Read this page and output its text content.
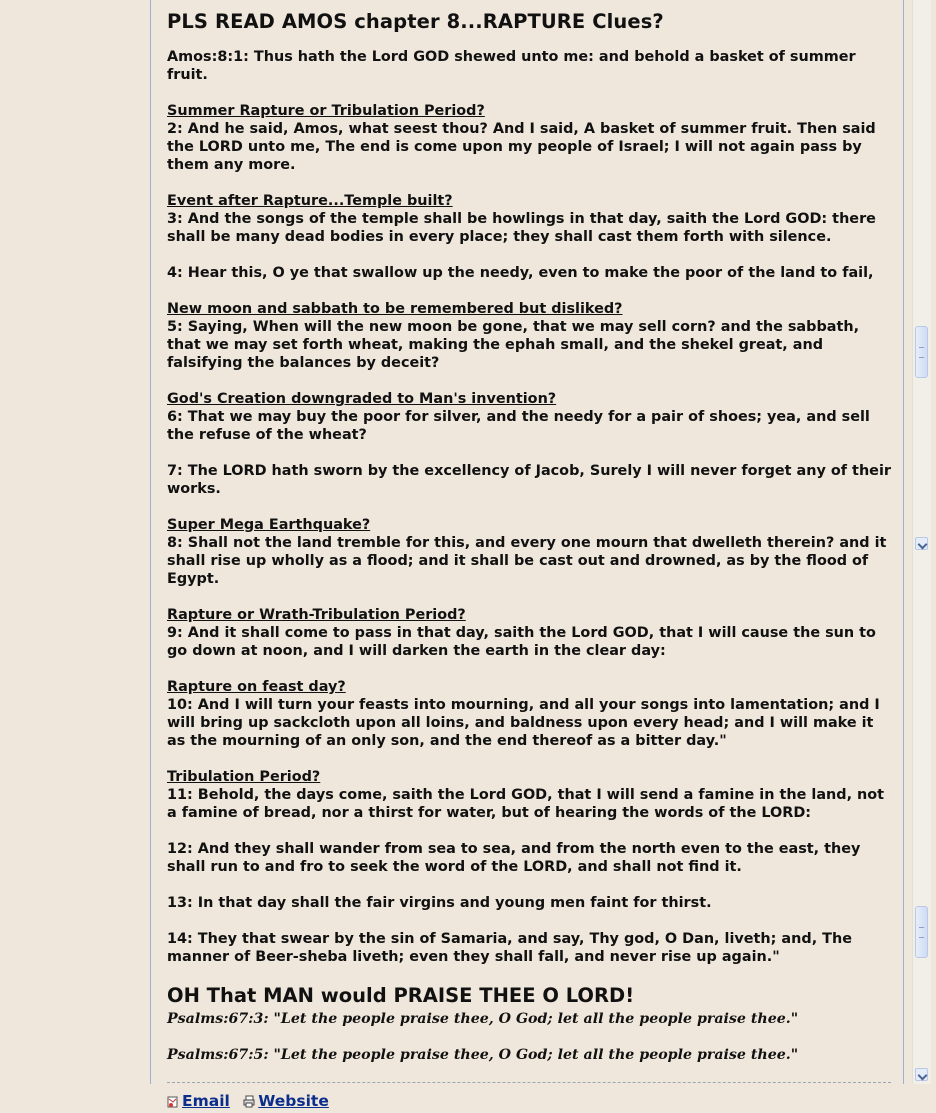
PLS READ AMOS chapter 8...RAPTURE Clues?

Amos:8:1: Thus hath the Lord GOD shewed unto me: and behold a basket of summer fruit.

Summer Rapture or Tribulation Period?
2: And he said, Amos, what seest thou? And I said, A basket of summer fruit. Then said the LORD unto me, The end is come upon my people of Israel; I will not again pass by them any more.

Event after Rapture...Temple built?
3: And the songs of the temple shall be howlings in that day, saith the Lord GOD: there shall be many dead bodies in every place; they shall cast them forth with silence.

4: Hear this, O ye that swallow up the needy, even to make the poor of the land to fail,

New moon and sabbath to be remembered but disliked?
5: Saying, When will the new moon be gone, that we may sell corn? and the sabbath, that we may set forth wheat, making the ephah small, and the shekel great, and falsifying the balances by deceit?

God's Creation downgraded to Man's invention?
6: That we may buy the poor for silver, and the needy for a pair of shoes; yea, and sell the refuse of the wheat?

7: The LORD hath sworn by the excellency of Jacob, Surely I will never forget any of their works.

Super Mega Earthquake?
8: Shall not the land tremble for this, and every one mourn that dwelleth therein? and it shall rise up wholly as a flood; and it shall be cast out and drowned, as by the flood of Egypt.

Rapture or Wrath-Tribulation Period?
9: And it shall come to pass in that day, saith the Lord GOD, that I will cause the sun to go down at noon, and I will darken the earth in the clear day:

Rapture on feast day?
10: And I will turn your feasts into mourning, and all your songs into lamentation; and I will bring up sackcloth upon all loins, and baldness upon every head; and I will make it as the mourning of an only son, and the end thereof as a bitter day."

Tribulation Period?
11: Behold, the days come, saith the Lord GOD, that I will send a famine in the land, not a famine of bread, nor a thirst for water, but of hearing the words of the LORD:

12: And they shall wander from sea to sea, and from the north even to the east, they shall run to and fro to seek the word of the LORD, and shall not find it.

13: In that day shall the fair virgins and young men faint for thirst.

14: They that swear by the sin of Samaria, and say, Thy god, O Dan, liveth; and, The manner of Beer-sheba liveth; even they shall fall, and never rise up again."

OH That MAN would PRAISE THEE O LORD!

Psalms:67:3: "Let the people praise thee, O God; let all the people praise thee."

Psalms:67:5: "Let the people praise thee, O God; let all the people praise thee."

Email
Website
